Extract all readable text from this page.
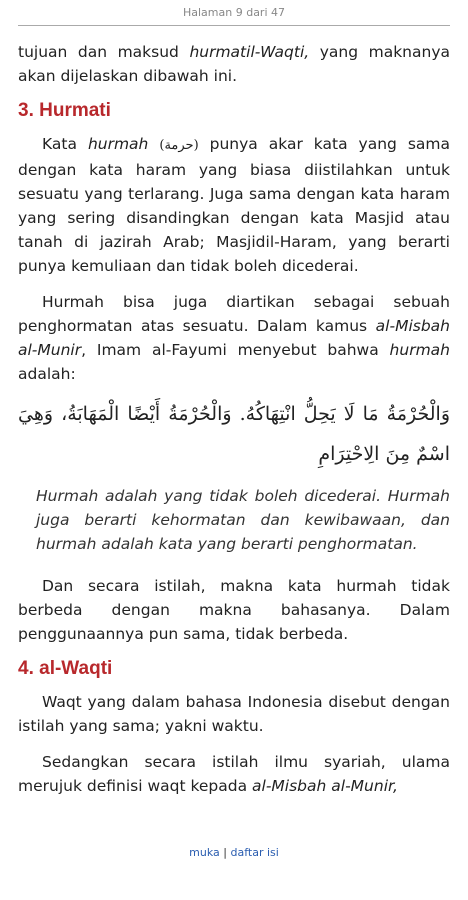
Halaman 9 dari 47

tujuan dan maksud hurmatil-Waqti, yang maknanya akan dijelaskan dibawah ini.

3. Hurmati

Kata hurmah (حرمة) punya akar kata yang sama dengan kata haram yang biasa diistilahkan untuk sesuatu yang terlarang. Juga sama dengan kata haram yang sering disandingkan dengan kata Masjid atau tanah di jazirah Arab; Masjidil-Haram, yang berarti punya kemuliaan dan tidak boleh dicederai.

Hurmah bisa juga diartikan sebagai sebuah penghormatan atas sesuatu. Dalam kamus al-Misbah al-Munir, Imam al-Fayumi menyebut bahwa hurmah adalah:

وَالْحُرْمَةُ مَا لَا يَحِلُّ انْتِهَاكُهُ. وَالْحُرْمَةُ أَيْضًا الْمَهَابَةُ، وَهِيَ اسْمٌ مِنَ الِاحْتِرَامِ

Hurmah adalah yang tidak boleh dicederai. Hurmah juga berarti kehormatan dan kewibawaan, dan hurmah adalah kata yang berarti penghormatan.

Dan secara istilah, makna kata hurmah tidak berbeda dengan makna bahasanya. Dalam penggunaannya pun sama, tidak berbeda.

4. al-Waqti

Waqt yang dalam bahasa Indonesia disebut dengan istilah yang sama; yakni waktu.

Sedangkan secara istilah ilmu syariah, ulama merujuk definisi waqt kepada al-Misbah al-Munir,

muka | daftar isi
